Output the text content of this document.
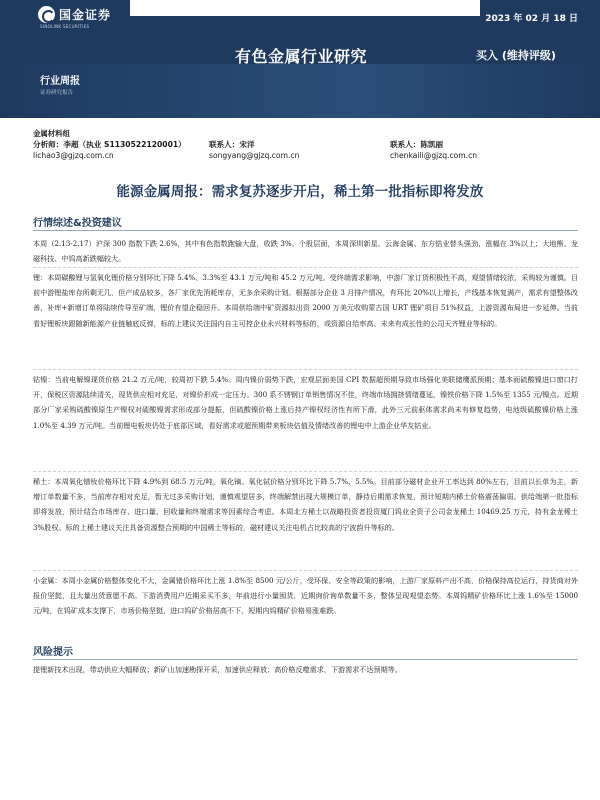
国金证券
SINOLINK SECURITIES
2023 年 02 月 18 日
有色金属行业研究	买入 (维持评级)
行业周报
证券研究报告
金属材料组
分析师：李超（执业 S1130522120001）
lichao3@gjzq.com.cn
联系人：宋洋
songyang@gjzq.com.cn
联系人：陈凯丽
chenkaili@gjzq.com.cn
能源金属周报：需求复苏逐步开启，稀土第一批指标即将发放
行情综述&投资建议
本周（2.13-2.17）沪深 300 指数下跌 2.6%，其中有色指数跑输大盘，收跌 3%。个股层面，本周深圳新星、云海金属、东方锆业替头强劲，涨幅在 3%以上；大地熊、龙磁科技、中钨高新跌幅较大。
锂：本周碳酸锂与氢氧化锂价格分别环比下降 5.4%、3.3%至 43.1 万元/吨和 45.2 万元/吨。受终端需求影响，中游厂家订货积极性不高，观望情绪较浓，采购较为谨慎。目前中游锂盐库存所剩无几，但产成品较多，各厂家优先消耗库存，无多余采购计划。根据部分企业 3 月排产情况，有环比 20%以上增长，产线基本恢复满产，需求有望整体改善，补库+新增订单将陆续传导至矿端，锂价有望企稳回升。本周供给端中矿资源拟出资 2000 万美元收购蒙古国 URT 锂矿项目 51%权益，上游资源布局进一步延伸。当前看好锂板块跟随新能源产业链触底反弹，标的上建议关注国内自主可控企业永兴材料等标的，或资源自给率高、未来有成长性的公司天齐锂业等标的。
钴镍：当前电解镍现货价格 21.2 万元/吨，较周初下跌 5.4%。周内镍价弱势下跌，宏观层面美国 CPI 数据超预期导致市场强化美联储鹰派预期；基本面硫酸镍进口窗口打开，保税区资源陆续清关，现货供应相对充足，对镍价形成一定压力。300 系不锈钢订单销售情况不佳，终端市场拥挤情绪蔓延，镍铁价格下降 1.5%至 1355 元/镍点。近期部分厂家采购硫酸镍原生产镍权对硫酸镍需求形成部分提振，但硫酸镍价格上涨后持产镍权经济性有所下滑，此外三元前驱体需求尚未有修复趋势，电池级硫酸镍价格上涨 1.0%至 4.39 万元/吨。当前锂电板块仍处于底部区域，看好需求或超预期带来板块估值及情绪改善的锂电中上游企业华友钴业。
稀土：本周氧化镨钕价格环比下降 4.9%到 68.5 万元/吨，氧化镝、氧化铽价格分别环比下降 5.7%、5.5%。目前部分磁材企业开工率达到 80%左右，目前以长单为主，新增订单数量不多，当前库存相对充足，暂无过多采购计划，谨慎观望居多，终端解禁出现大规模订单，静待后期需求恢复，预计短期内稀土价格震荡偏弱。供给端第一批指标即将发放，预计结合市场库存、进口量、回收量和终端需求等因素综合考虑。本周北方稀土以战略投资者投资厦门钨业全资子公司金龙稀土 10469.25 万元，持有金龙稀土 3%股权。标的上稀土建议关注具备资源整合预期的中国稀土等标的，磁材建议关注电机占比较高的宁波韵升等标的。
小金属：本周小金属价格整体变化不大，金属锗价格环比上涨 1.8%至 8500 元/公斤，受环保、安全等政策的影响，上游厂家原料产出不高，价格保持高位运行，持货商对外报价坚挺，且大量出货意愿不高。下游消费用户近期采买不多，年前进行小量囤货，近期询价询单数量不多，整体呈现观望态势。本周钨精矿价格环比上涨 1.6%至 15000 元/吨，在钨矿成本支撑下，市场价格坚挺，进口钨矿价格居高不下，短期内钨精矿价格易涨难跌。
风险提示
提锂新技术出现，带动供应大幅释放；新矿山加速勘探开采，加速供应释放；高价格反噬需求，下游需求不达预期等。
